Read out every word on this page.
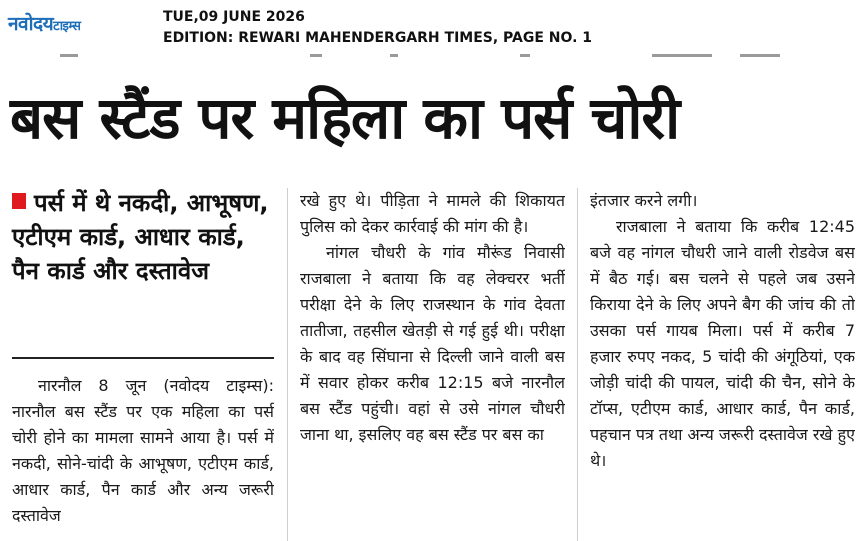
नवोदयटाइम्स
TUE,09 JUNE 2026
EDITION: REWARI MAHENDERGARH TIMES, PAGE NO. 1
बस स्टैंड पर महिला का पर्स चोरी
पर्स में थे नकदी, आभूषण, एटीएम कार्ड, आधार कार्ड, पैन कार्ड और दस्तावेज

नारनौल 8 जून (नवोदय टाइम्स): नारनौल बस स्टैंड पर एक महिला का पर्स चोरी होने का मामला सामने आया है। पर्स में नकदी, सोने-चांदी के आभूषण, एटीएम कार्ड, आधार कार्ड, पैन कार्ड और अन्य जरूरी दस्तावेज

रखे हुए थे। पीड़िता ने मामले की शिकायत पुलिस को देकर कार्रवाई की मांग की है।

नांगल चौधरी के गांव मौरूंड निवासी राजबाला ने बताया कि वह लेक्चरर भर्ती परीक्षा देने के लिए राजस्थान के गांव देवता तातीजा, तहसील खेतड़ी से गई हुई थी। परीक्षा के बाद वह सिंघाना से दिल्ली जाने वाली बस में सवार होकर करीब 12:15 बजे नारनौल बस स्टैंड पहुंची। वहां से उसे नांगल चौधरी जाना था, इसलिए वह बस स्टैंड पर बस का

इंतजार करने लगी।

राजबाला ने बताया कि करीब 12:45 बजे वह नांगल चौधरी जाने वाली रोडवेज बस में बैठ गई। बस चलने से पहले जब उसने किराया देने के लिए अपने बैग की जांच की तो उसका पर्स गायब मिला। पर्स में करीब 7 हजार रुपए नकद, 5 चांदी की अंगूठियां, एक जोड़ी चांदी की पायल, चांदी की चैन, सोने के टॉप्स, एटीएम कार्ड, आधार कार्ड, पैन कार्ड, पहचान पत्र तथा अन्य जरूरी दस्तावेज रखे हुए थे।
